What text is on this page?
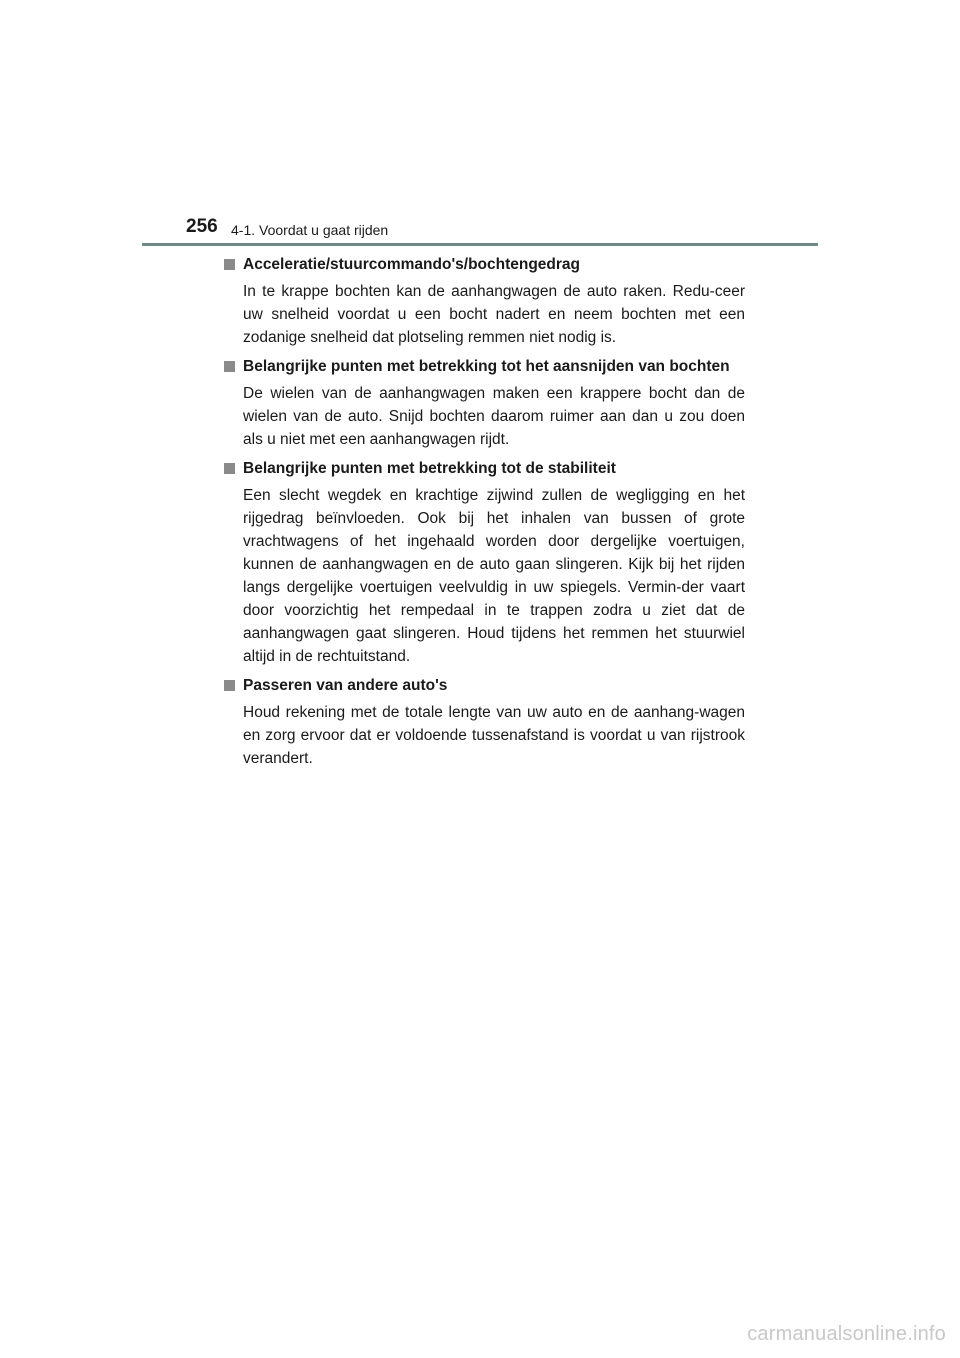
256 4-1. Voordat u gaat rijden
Acceleratie/stuurcommando's/bochtengedrag
In te krappe bochten kan de aanhangwagen de auto raken. Redu-ceer uw snelheid voordat u een bocht nadert en neem bochten met een zodanige snelheid dat plotseling remmen niet nodig is.
Belangrijke punten met betrekking tot het aansnijden van bochten
De wielen van de aanhangwagen maken een krappere bocht dan de wielen van de auto. Snijd bochten daarom ruimer aan dan u zou doen als u niet met een aanhangwagen rijdt.
Belangrijke punten met betrekking tot de stabiliteit
Een slecht wegdek en krachtige zijwind zullen de wegligging en het rijgedrag beïnvloeden. Ook bij het inhalen van bussen of grote vrachtwagens of het ingehaald worden door dergelijke voertuigen, kunnen de aanhangwagen en de auto gaan slingeren. Kijk bij het rijden langs dergelijke voertuigen veelvuldig in uw spiegels. Vermin-der vaart door voorzichtig het rempedaal in te trappen zodra u ziet dat de aanhangwagen gaat slingeren. Houd tijdens het remmen het stuurwiel altijd in de rechtuitstand.
Passeren van andere auto's
Houd rekening met de totale lengte van uw auto en de aanhang-wagen en zorg ervoor dat er voldoende tussenafstand is voordat u van rijstrook verandert.
carmanualsonline.info
